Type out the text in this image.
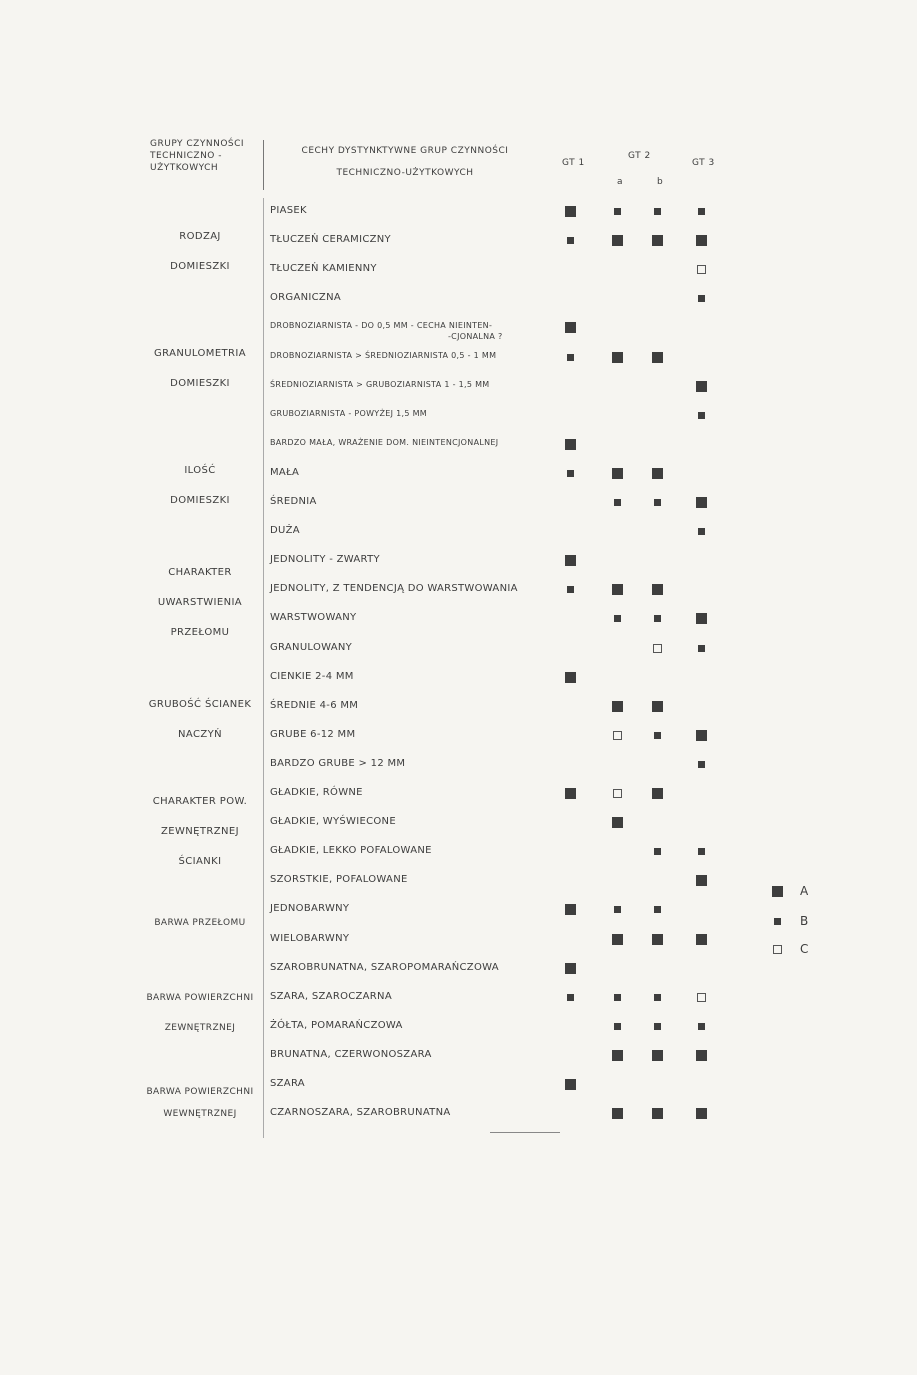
GRUPY CZYNNOŚCI
TECHNICZNO -
UŻYTKOWYCH
CECHY DYSTYNKTYWNE GRUP CZYNNOŚCI
TECHNICZNO-UŻYTKOWYCH
GT 1
GT 2
a	b
GT 3
RODZAJ
DOMIESZKI
GRANULOMETRIA
DOMIESZKI
ILOŚĆ
DOMIESZKI
CHARAKTER
UWARSTWIENIA
PRZEŁOMU
GRUBOŚĆ ŚCIANEK
NACZYŃ
CHARAKTER POW.
ZEWNĘTRZNEJ
ŚCIANKI
BARWA PRZEŁOMU
BARWA POWIERZCHNI
ZEWNĘTRZNEJ
BARWA POWIERZCHNI
WEWNĘTRZNEJ
PIASEK
TŁUCZEŃ CERAMICZNY
TŁUCZEŃ KAMIENNY
ORGANICZNA
DROBNOZIARNISTA - DO 0,5 MM - CECHA NIEINTEN-
-CJONALNA ?
DROBNOZIARNISTA > ŚREDNIOZIARNISTA 0,5 - 1 MM
ŚREDNIOZIARNISTA > GRUBOZIARNISTA 1 - 1,5 MM
GRUBOZIARNISTA - POWYŻEJ 1,5 MM
BARDZO MAŁA, WRAŻENIE DOM. NIEINTENCJONALNEJ
MAŁA
ŚREDNIA
DUŻA
JEDNOLITY - ZWARTY
JEDNOLITY, Z TENDENCJĄ DO WARSTWOWANIA
WARSTWOWANY
GRANULOWANY
CIENKIE 2-4 MM
ŚREDNIE 4-6 MM
GRUBE 6-12 MM
BARDZO GRUBE > 12 MM
GŁADKIE, RÓWNE
GŁADKIE, WYŚWIECONE
GŁADKIE, LEKKO POFALOWANE
SZORSTKIE, POFALOWANE
JEDNOBARWNY
WIELOBARWNY
SZAROBRUNATNA, SZAROPOMARAŃCZOWA
SZARA, SZAROCZARNA
ŻÓŁTA, POMARAŃCZOWA
BRUNATNA, CZERWONOSZARA
SZARA
CZARNOSZARA, SZAROBRUNATNA
A
B
C
